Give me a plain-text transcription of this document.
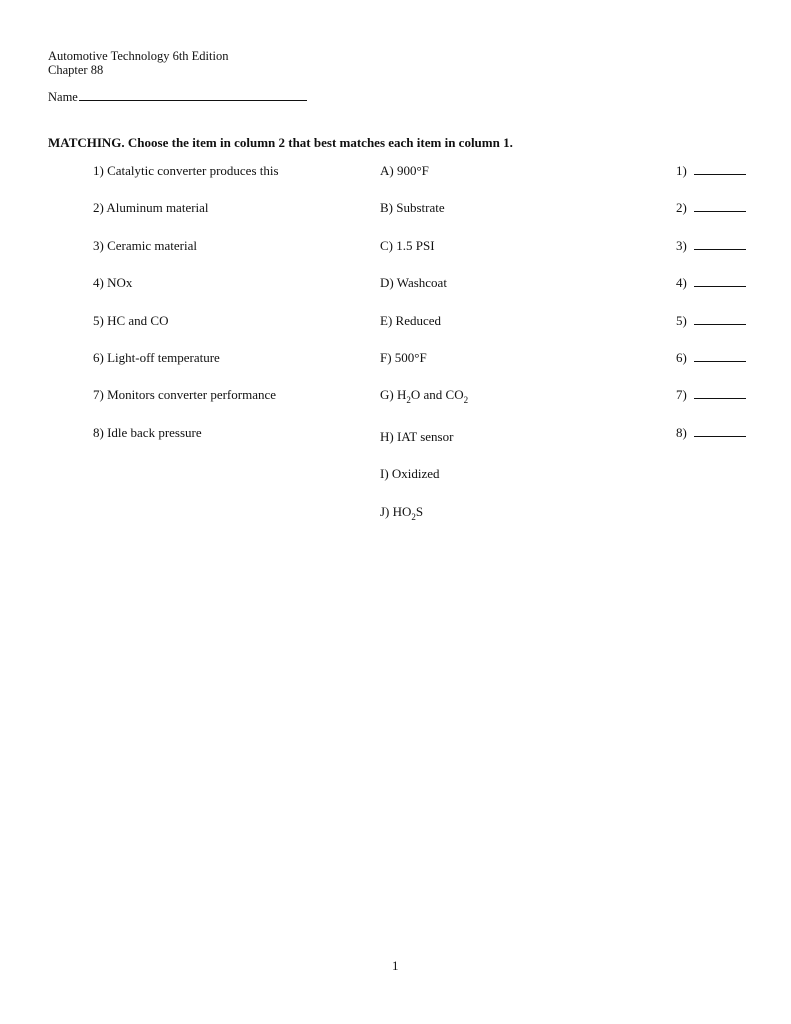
Automotive Technology 6th Edition
Chapter 88
Name
MATCHING. Choose the item in column 2 that best matches each item in column 1.
1) Catalytic converter produces this
2) Aluminum material
3) Ceramic material
4) NOx
5) HC and CO
6) Light-off temperature
7) Monitors converter performance
8) Idle back pressure
A) 900°F
B) Substrate
C) 1.5 PSI
D) Washcoat
E) Reduced
F) 500°F
G) $H_2O$ and $CO_2$
H) IAT sensor
I) Oxidized
J) $HO_2S$
1)
2)
3)
4)
5)
6)
7)
8)
1
